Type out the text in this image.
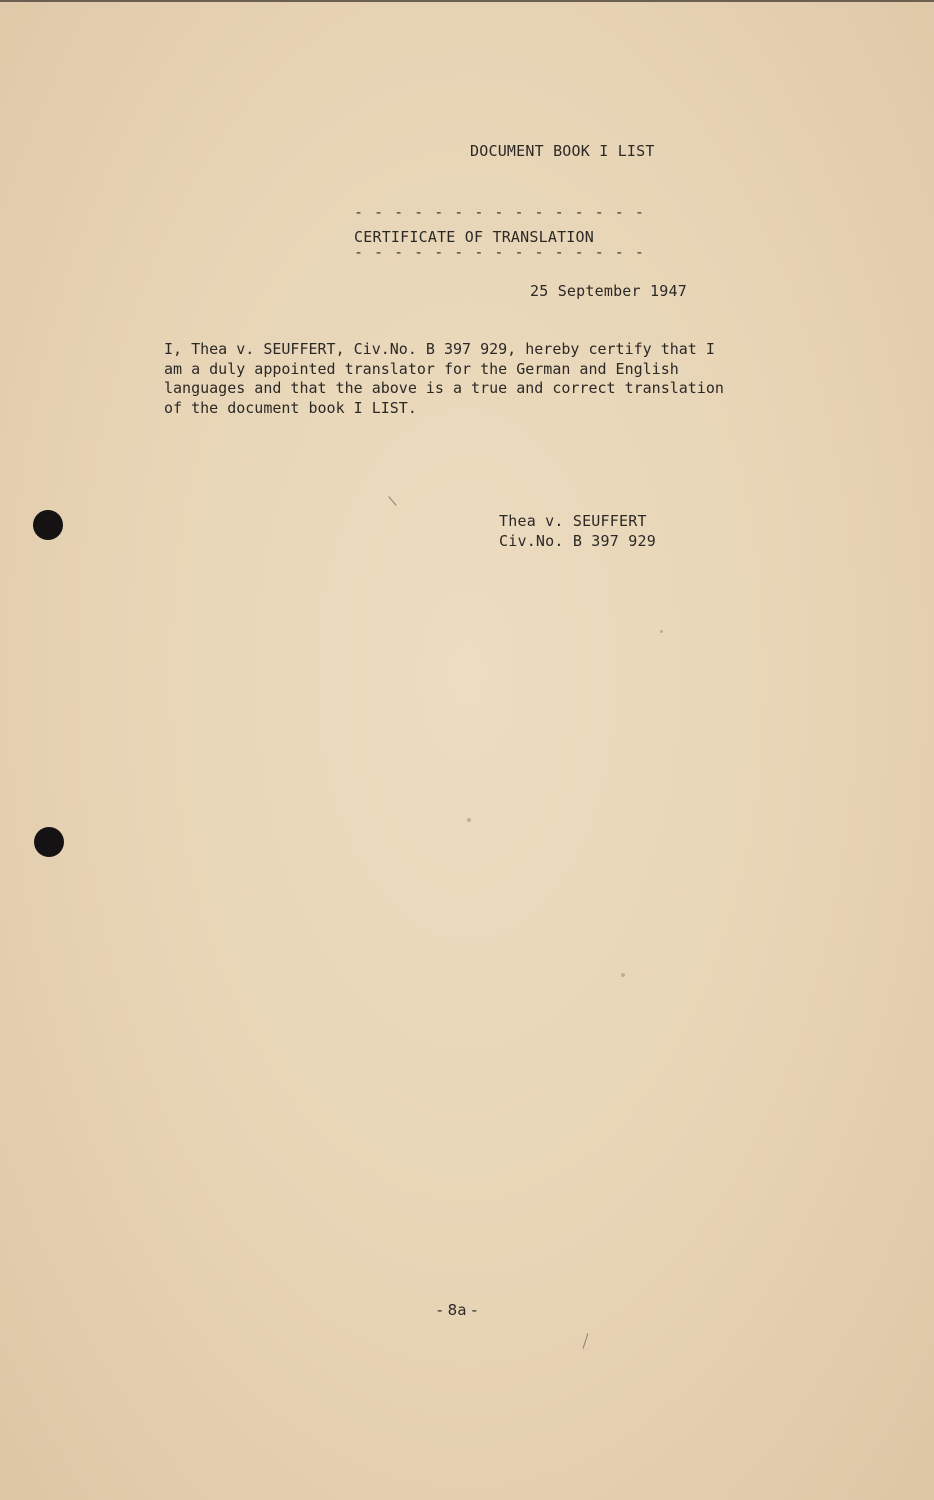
DOCUMENT BOOK I LIST
- - - - - - - - - - - - - - -
CERTIFICATE OF TRANSLATION
- - - - - - - - - - - - - - -
25 September 1947
I, Thea v. SEUFFERT, Civ.No. B 397 929, hereby certify that I
am a duly appointed translator for the German and English
languages and that the above is a true and correct translation
of the document book I LIST.
Thea v. SEUFFERT
Civ.No. B 397 929
- 8a -
